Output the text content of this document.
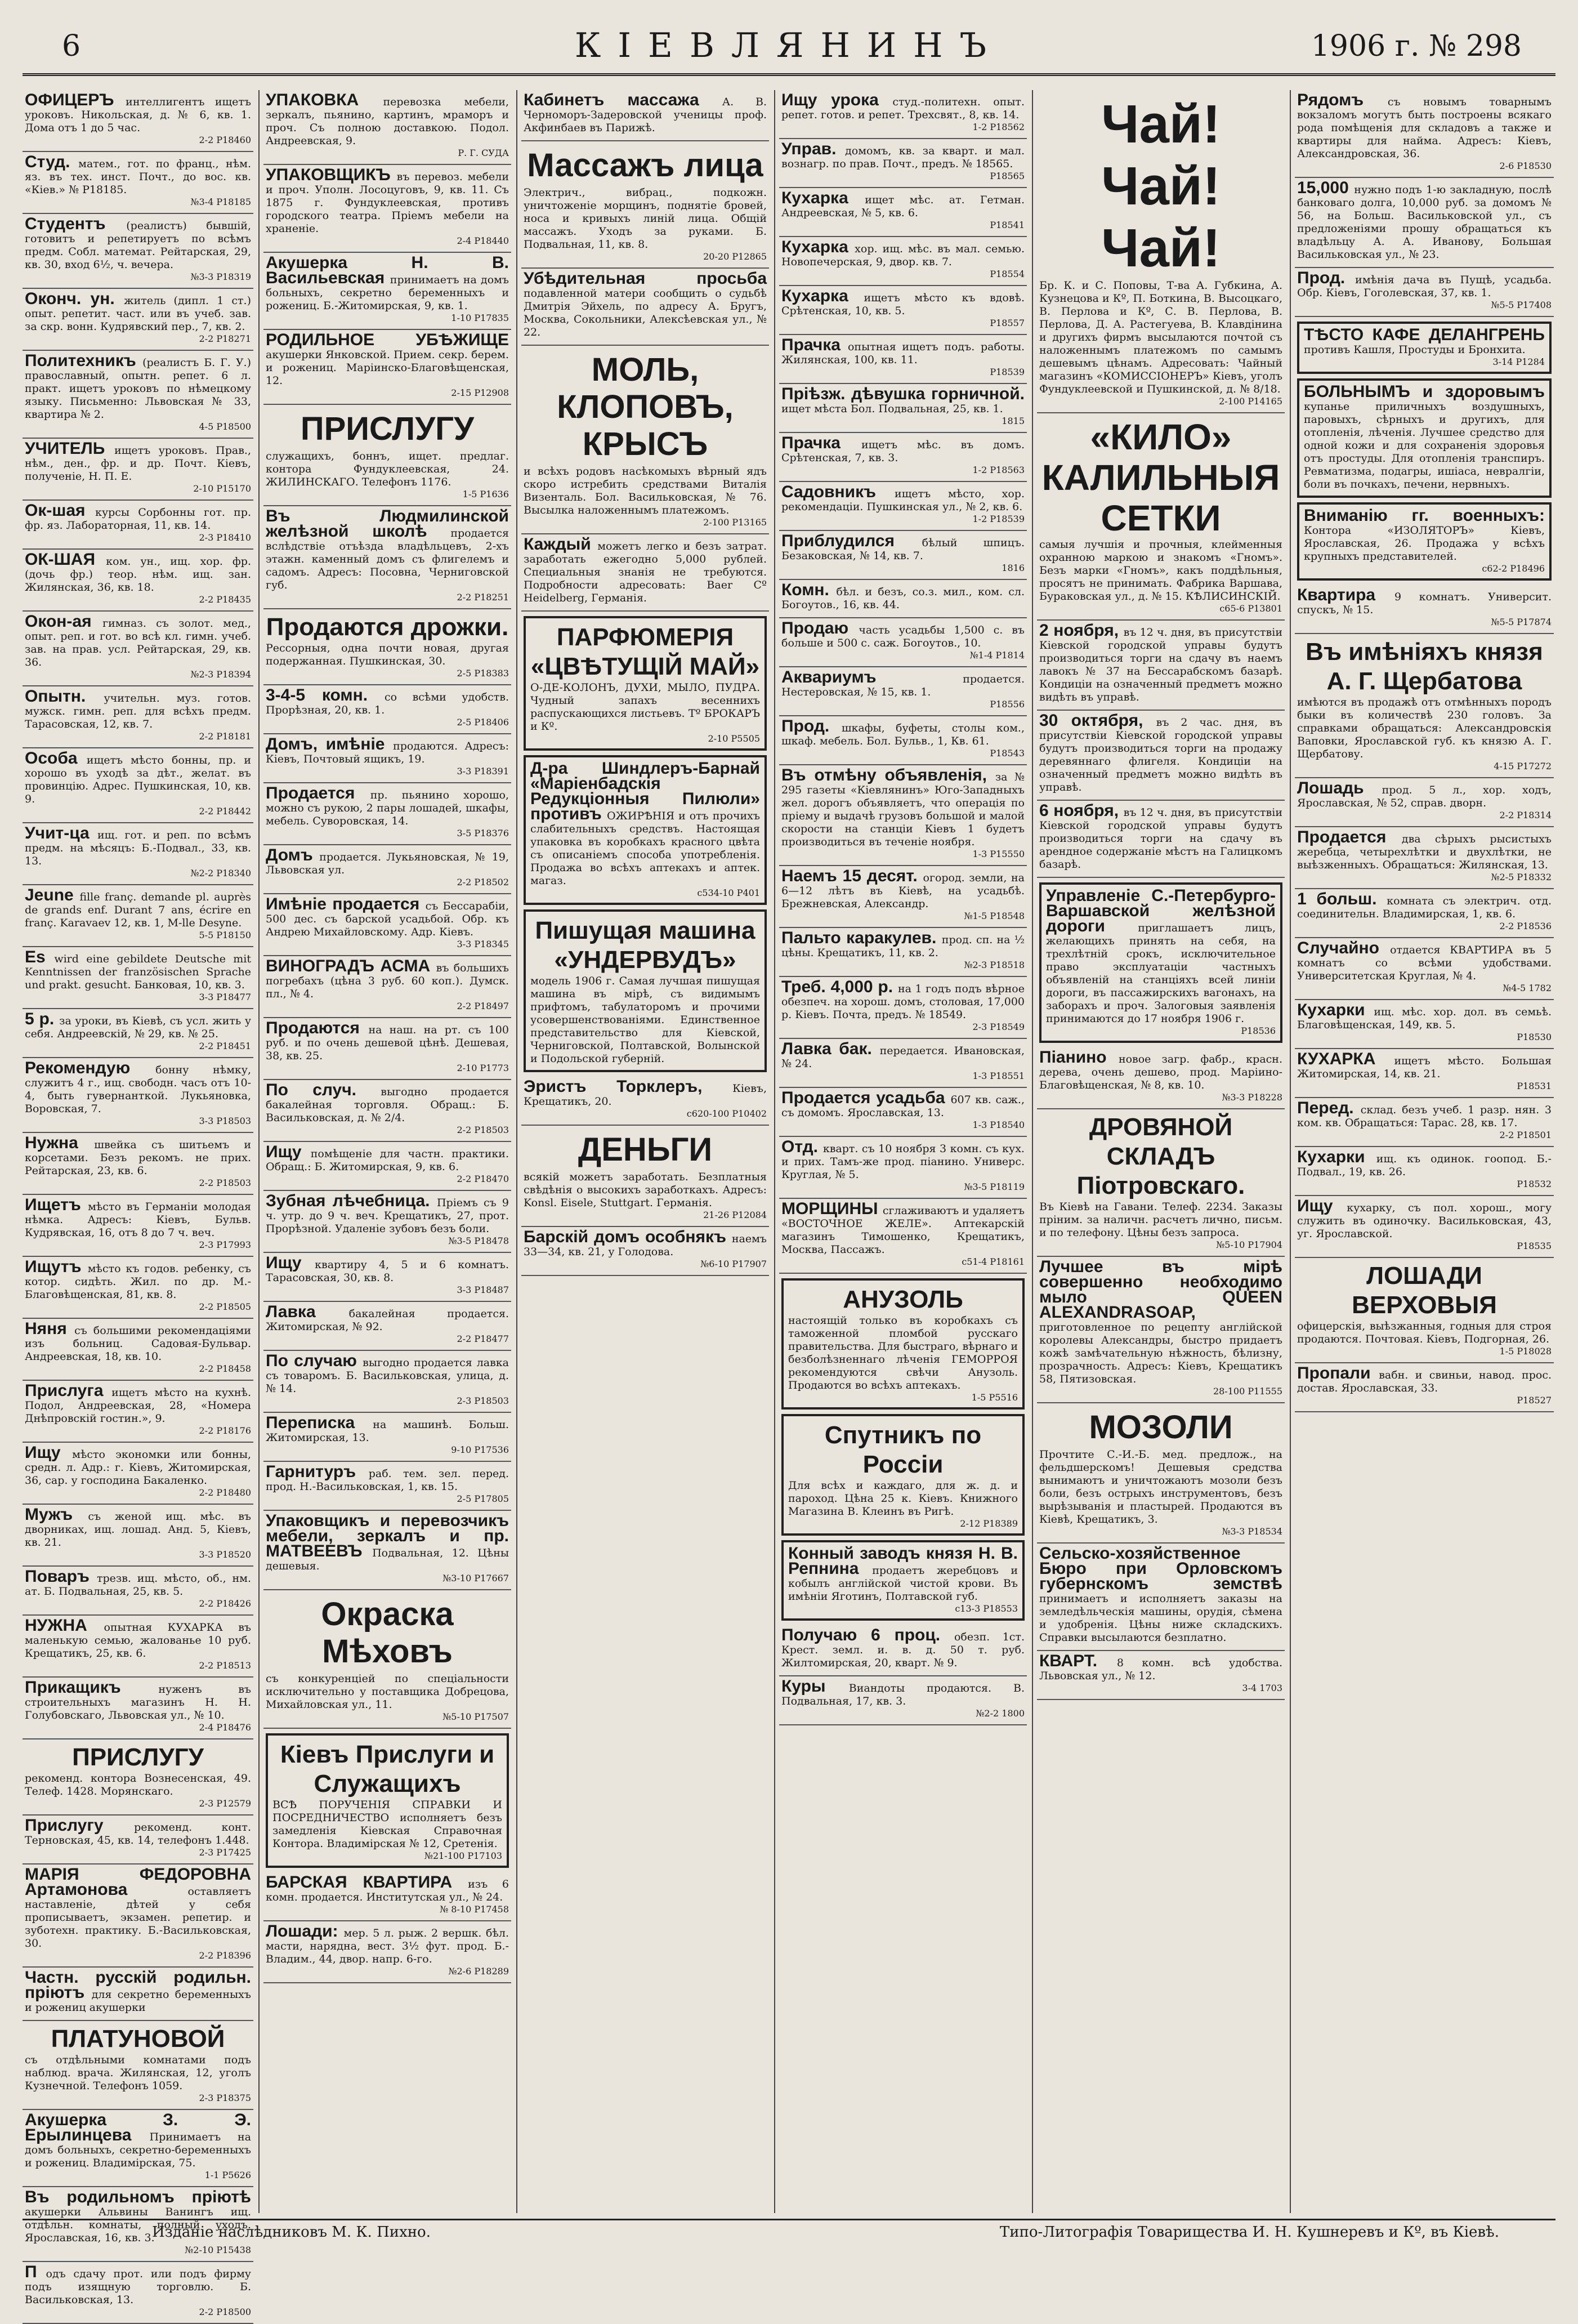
6	КІЕВЛЯНИНЪ	1906 г. № 298

ОФИЦЕРЪ интеллигентъ ищетъ уроковъ. Никольская, д. № 6, кв. 1. Дома отъ 1 до 5 час.

2-2 Р18460

Студ. матем., гот. по франц., нѣм. яз. въ тех. инст. Почт., до вос. кв. «Кіев.» № Р18185.

№3-4 Р18185

Студентъ (реалистъ) бывшій, готовитъ и репетируетъ по всѣмъ предм. Собл. математ. Рейтарская, 29, кв. 30, вход 6½, ч. вечера.

№3-3 Р18319

Оконч. ун. житель (дипл. 1 ст.) опыт. репетит. част. или въ учеб. зав. за скр. вонн. Кудрявский пер., 7, кв. 2.

2-2 Р18271

Политехникъ (реалистъ Б. Г. У.) православный, опытн. репет. 6 л. практ. ищетъ уроковъ по нѣмецкому языку. Письменно: Львовская № 33, квартира № 2.

4-5 Р18500

УЧИТЕЛЬ ищетъ уроковъ. Прав., нѣм., ден., фр. и др. Почт. Кіевъ, полученіе, Н. П. Е.

2-10 Р15170

Ок-шая курсы Сорбонны гот. пр. фр. яз. Лабораторная, 11, кв. 14.

2-3 Р18410

ОК-ШАЯ ком. ун., ищ. хор. фр. (дочь фр.) теор. нѣм. ищ. зан. Жилянская, 36, кв. 18.

2-2 Р18435

Окон-ая гимназ. съ золот. мед., опыт. реп. и гот. во всѣ кл. гимн. учеб. зав. на прав. усл. Рейтарская, 29, кв. 36.

№2-3 Р18394

Опытн. учительн. муз. готов. мужск. гимн. реп. для всѣхъ предм. Тарасовская, 12, кв. 7.

2-2 Р18181

Особа ищетъ мѣсто бонны, пр. и хорошо въ уходѣ за дѣт., желат. въ провинцію. Адрес. Пушкинская, 10, кв. 9.

2-2 Р18442

Учит-ца ищ. гот. и реп. по всѣмъ предм. на мѣсяцъ: Б.-Подвал., 33, кв. 13.

№2-2 Р18340

Jeune fille franç. demande pl. auprès de grands enf. Durant 7 ans, écrire en franç. Karavaev 12, кв. 1, M-lle Desyne.

5-5 Р18150

Es wird eine gebildete Deutsche mit Kenntnissen der französischen Sprache und prakt. gesucht. Банковая, 10, кв. 3.

3-3 Р18477

5 р. за уроки, въ Кіевѣ, съ усл. жить у себя. Андреевскій, № 29, кв. № 25.

2-2 Р18451

Рекомендую бонну нѣмку, служитъ 4 г., ищ. свободн. часъ отъ 10-4, быть гувернанткой. Лукьяновка, Воровская, 7.

3-3 Р18503

Нужна швейка съ шитьемъ и корсетами. Безъ рекомъ. не прих. Рейтарская, 23, кв. 6.

2-2 Р18503

Ищетъ мѣсто въ Германіи молодая нѣмка. Адресъ: Кіевъ, Бульв. Кудрявская, 16, отъ 8 до 7 ч. веч.

2-3 Р17993

Ищутъ мѣсто къ годов. ребенку, съ котор. сидѣть. Жил. по др. М.-Благовѣщенская, 81, кв. 8.

2-2 Р18505

Няня съ большими рекомендаціями изъ больниц. Садовая-Бульвар. Андреевская, 18, кв. 10.

2-2 Р18458

Прислуга ищетъ мѣсто на кухнѣ. Подол, Андреевская, 28, «Номера Днѣпровскій гостин.», 9.

2-2 Р18176

Ищу мѣсто экономки или бонны, средн. л. Адр.: г. Кіевъ, Житомирская, 36, сар. у господина Бакаленко.

2-2 Р18480

Мужъ съ женой ищ. мѣс. въ дворниках, ищ. лошад. Анд. 5, Кіевъ, кв. 21.

3-3 Р18520

Поваръ трезв. ищ. мѣсто, об., нм. ат. Б. Подвальная, 25, кв. 5.

2-2 Р18426

НУЖНА опытная КУХАРКА въ маленькую семью, жалованье 10 руб. Крещатикъ, 25, кв. 6.

2-2 Р18513

Прикащикъ нуженъ въ строительныхъ магазинъ Н. Н. Голубовскаго, Львовская ул., № 10.

2-4 Р18476
ПРИСЛУГУ

рекоменд. контора Вознесенская, 49. Телеф. 1428. Морянскаго.

2-3 Р12579

Прислугу рекоменд. конт. Терновская, 45, кв. 14, телефонъ 1.448.

2-3 Р17425

МАРІЯ ФЕДОРОВНА Артамонова оставляетъ наставленіе, дѣтей у себя прописываетъ, экзамен. репетир. и зуботехн. практику. Б.-Васильковская, 30.

2-2 Р18396

Частн. русскій родильн. пріютъ для секретно беременныхъ и рожениц акушерки

ПЛАТУНОВОЙ

съ отдѣльными комнатами подъ наблюд. врача. Жилянская, 12, уголъ Кузнечной. Телефонъ 1059.

2-3 Р18375

Акушерка З. Э. Ерылинцева Принимаетъ на домъ больныхъ, секретно-беременныхъ и рожениц. Владимірская, 75.

1-1 Р5626

Въ родильномъ пріютѣ акушерки Альвины Ванингъ ищ. отдѣльн. комнаты, полный уходъ. Ярославская, 16, кв. 3.

№2-10 Р15438

П одъ сдачу прот. или подъ фирму подъ изящную торговлю. Б. Васильковская, 13.

2-2 Р18500

УПАКОВКА перевозка мебели, зеркалъ, пьянино, картинъ, мраморъ и проч. Съ полною доставкою. Подол. Андреевская, 9.

Р. Г. СУДА

УПАКОВЩИКЪ въ перевоз. мебели и проч. Уполн. Лосоцуговъ, 9, кв. 11. Съ 1875 г. Фундуклеевская, противъ городского театра. Пріемъ мебели на храненіе.

2-4 Р18440

Акушерка Н. В. Васильевская принимаетъ на домъ больныхъ, секретно беременныхъ и рожениц. Б.-Житомирская, 9, кв. 1.

1-10 Р17835

РОДИЛЬНОЕ УБѢЖИЩЕ акушерки Янковской. Прием. секр. берем. и рожениц. Маріинско-Благовѣщенская, 12.

2-15 Р12908
ПРИСЛУГУ

служащихъ, боннъ, ищет. предлаг. контора Фундуклеевская, 24. ЖИЛИНСКАГО. Телефонъ 1176.

1-5 Р1636

Въ Людмилинской желѣзной школѣ продается вслѣдствіе отъѣзда владѣльцевъ, 2-хъ этажн. каменный домъ съ флигелемъ и садомъ. Адресъ: Посовна, Черниговской губ.

2-2 Р18251
Продаются дрожки.

Рессорныя, одна почти новая, другая подержанная. Пушкинская, 30.

2-5 Р18383

3-4-5 комн. со всѣми удобств. Прорѣзная, 20, кв. 1.

2-5 Р18406

Домъ, имѣніе продаются. Адресъ: Кіевъ, Почтовый ящикъ, 19.

3-3 Р18391

Продается пр. пьянино хорошо, можно съ рукою, 2 пары лошадей, шкафы, мебель. Суворовская, 14.

3-5 Р18376

Домъ продается. Лукьяновская, № 19, Львовская ул.

2-2 Р18502

Имѣніе продается съ Бессарабіи, 500 дес. съ барской усадьбой. Обр. къ Андрею Михайловскому. Адр. Кіевъ.

3-3 Р18345

ВИНОГРАДЪ АСМА въ большихъ погребахъ (цѣна 3 руб. 60 коп.). Думск. пл., № 4.

2-2 Р18497

Продаются на наш. на рт. съ 100 руб. и по очень дешевой цѣнѣ. Дешевая, 38, кв. 25.

2-10 Р1773

По случ. выгодно продается бакалейная торговля. Обращ.: Б. Васильковская, д. № 2/4.

2-2 Р18503

Ищу помѣщеніе для частн. практики. Обращ.: Б. Житомирская, 9, кв. 6.

2-2 Р18470

Зубная лѣчебница. Пріемъ съ 9 ч. утр. до 9 ч. веч. Крещатикъ, 27, прот. Прорѣзной. Удаленіе зубовъ безъ боли.

№3-5 Р18478

Ищу квартиру 4, 5 и 6 комнатъ. Тарасовская, 30, кв. 8.

3-3 Р18487

Лавка бакалейная продается. Житомирская, № 92.

2-2 Р18477

По случаю выгодно продается лавка съ товаромъ. Б. Васильковская, улица, д. № 14.

2-3 Р18503

Переписка на машинѣ. Больш. Житомирская, 13.

9-10 Р17536

Гарнитуръ раб. тем. зел. перед. прод. Н.-Васильковская, 1, кв. 15.

2-5 Р17805

Упаковщикъ и перевозчикъ мебели, зеркалъ и пр. МАТВЕЕВЪ Подвальная, 12. Цѣны дешевыя.

№3-10 Р17667
Окраска Мѣховъ

съ конкуренціей по спеціальности исключительно у поставщика Добрецова, Михайловская ул., 11.

№5-10 Р17507
Кіевъ Прислуги и Служащихъ

ВСѢ ПОРУЧЕНІЯ СПРАВКИ И ПОСРЕДНИЧЕСТВО исполняетъ безъ замедленія Кіевская Справочная Контора. Владимірская № 12, Сретенія.

№21-100 Р17103

БАРСКАЯ КВАРТИРА изъ 6 комн. продается. Институтская ул., № 24.

№ 8-10 Р17458

Лошади: мер. 5 л. рыж. 2 вершк. бѣл. масти, нарядна, вест. 3½ фут. прод. Б.-Владим., 44, двор. напр. 6-го.

№2-6 Р18289

Кабинетъ массажа А. В. Черноморъ-Задеровской ученицы проф. Акфинбаев въ Парижѣ.

Массажъ лица

Электрич., вибрац., подкожн. уничтоженіе морщинъ, поднятіе бровей, носа и кривыхъ линій лица. Общій массажъ. Уходъ за руками. Б. Подвальная, 11, кв. 8.

20-20 Р12865

Убѣдительная просьба подавленной матери сообщить о судьбѣ Дмитрія Эйхель, по адресу А. Бругъ, Москва, Сокольники, Алексѣевская ул., № 22.

МОЛЬ, КЛОПОВЪ, КРЫСЪ

и всѣхъ родовъ насѣкомыхъ вѣрный ядъ скоро истребить средствами Виталія Визенталь. Бол. Васильковская, № 76. Высылка наложеннымъ платежомъ.

2-100 Р13165

Каждый можетъ легко и безъ затрат. заработать ежегодно 5,000 рублей. Специальныя знанія не требуются. Подробности адресовать: Baer Cº Heidelberg, Германія.

ПАРФЮМЕРІЯ «ЦВѢТУЩІЙ МАЙ»

О-ДЕ-КОЛОНЪ, ДУХИ, МЫЛО, ПУДРА. Чудный запахъ весеннихъ распускающихся листьевъ. Тº БРОКАРЪ и Кº.

2-10 Р5505

Д-ра Шиндлеръ-Барнай «Маріенбадскія Редукціонныя Пилюли» противъ ОЖИРѢНІЯ и отъ прочихъ слабительныхъ средствъ. Настоящая упаковка въ коробкахъ красного цвѣта съ описаніемъ способа употребленія. Продажа во всѣхъ аптекахъ и аптек. магаз.

с534-10 Р401
Пишущая машина «УНДЕРВУДЪ»

модель 1906 г. Самая лучшая пишущая машина въ мірѣ, съ видимымъ прифтомъ, табулаторомъ и прочими усовершенствованіями. Единственное представительство для Кіевской, Черниговской, Полтавской, Волынской и Подольской губерній.

Эристъ Торклеръ, Кіевъ, Крещатикъ, 20.

с620-100 Р10402
ДЕНЬГИ

всякій можетъ заработать. Безплатныя свѣдѣнія о высокихъ заработкахъ. Адресъ: Konsl. Eisele, Stuttgart. Германія.

21-26 Р12084

Барскій домъ особнякъ наемъ 33—34, кв. 21, у Голодова.

№6-10 Р17907

Ищу урока студ.-политехн. опыт. репет. готов. и репет. Трехсвят., 8, кв. 14.

1-2 Р18562

Управ. домомъ, кв. за кварт. и мал. вознагр. по прав. Почт., предъ. № 18565.

Р18565

Кухарка ищет мѣс. ат. Гетман. Андреевская, № 5, кв. 6.

Р18541

Кухарка хор. ищ. мѣс. въ мал. семью. Новопечерская, 9, двор. кв. 7.

Р18554

Кухарка ищетъ мѣсто къ вдовѣ. Срѣтенская, 10, кв. 5.

Р18557

Прачка опытная ищетъ подъ. работы. Жилянская, 100, кв. 11.

Р18539

Пріѣзж. дѣвушка горничной. ищет мѣста Бол. Подвальная, 25, кв. 1.

1815

Прачка ищетъ мѣс. въ домъ. Срѣтенская, 7, кв. 3.

1-2 Р18563

Садовникъ ищетъ мѣсто, хор. рекомендаціи. Пушкинская ул., № 2, кв. 6.

1-2 Р18539

Приблудился бѣлый шпицъ. Безаковская, № 14, кв. 7.

1816

Комн. бѣл. и безъ, со.з. мил., ком. сл. Богоутов., 16, кв. 44.

Продаю часть усадьбы 1,500 с. въ больше и 500 с. саж. Богоутов., 10.

№1-4 Р1814

Аквариумъ продается. Нестеровская, № 15, кв. 1.

Р18556

Прод. шкафы, буфеты, столы ком., шкаф. мебель. Бол. Бульв., 1, Кв. 61.

Р18543

Въ отмѣну объявленія, за № 295 газеты «Кіевлянинъ» Юго-Западныхъ жел. дорогъ объявляетъ, что операція по пріему и выдачѣ грузовъ большой и малой скорости на станціи Кіевъ 1 будетъ производиться въ теченіе ноября.

1-3 Р15550

Наемъ 15 десят. огород. земли, на 6—12 лѣтъ въ Кіевѣ, на усадьбѣ. Брежневская, Александр.

№1-5 Р18548

Пальто каракулев. прод. сп. на ½ цѣны. Крещатикъ, 11, кв. 2.

№2-3 Р18518

Треб. 4,000 р. на 1 годъ подъ вѣрное обезпеч. на хорош. домъ, столовая, 17,000 р. Кіевъ. Почта, предъ. № 18549.

2-3 Р18549

Лавка бак. передается. Ивановская, № 24.

1-3 Р18551

Продается усадьба 607 кв. саж., съ домомъ. Ярославская, 13.

1-3 Р18540

Отд. кварт. съ 10 ноября 3 комн. съ кух. и прих. Тамъ-же прод. піанино. Универс. Круглая, № 5.

№3-5 Р18119

МОРЩИНЫ сглаживаютъ и удаляетъ «ВОСТОЧНОЕ ЖЕЛЕ». Аптекарскій магазинъ Тимошенко, Крещатикъ, Москва, Пассажъ.

с51-4 Р18161
АНУЗОЛЬ

настоящій только въ коробкахъ съ таможенной пломбой русскаго правительства. Для быстраго, вѣрнаго и безболѣзненнаго лѣченія ГЕМОРРОЯ рекомендуются свѣчи Анузоль. Продаются во всѣхъ аптекахъ.

1-5 Р5516
Спутникъ по Россіи

Для всѣх и каждаго, для ж. д. и пароход. Цѣна 25 к. Кіевъ. Книжного Магазина В. Клеинъ въ Ригѣ.

2-12 Р18389

Конный заводъ князя Н. В. Репнина продаетъ жеребцовъ и кобылъ англійской чистой крови. Въ имѣніи Яготинъ, Полтавской губ.

с13-3 Р18553

Получаю 6 проц. обезп. 1ст. Крест. земл. и. в. д. 50 т. руб. Жилтомирская, 20, кварт. № 9.

Куры Виандоты продаются. В. Подвальная, 17, кв. 3.

№2-2 1800
Чай! Чай! Чай!

Бр. К. и С. Поповы, Т-ва А. Губкина, А. Кузнецова и Кº, П. Боткина, В. Высоцкаго, В. Перлова и Кº, С. В. Перлова, В. Перлова, Д. А. Растегуева, В. Клавдінина и другихъ фирмъ высылаются почтой съ наложеннымъ платежомъ по самымъ дешевымъ цѣнамъ. Адресовать: Чайный магазинъ «КОМИССІОНЕРЪ» Кіевъ, уголъ Фундуклеевской и Пушкинской, д. № 8/18.

2-100 Р14165
«КИЛО» КАЛИЛЬНЫЯ СЕТКИ

самыя лучшія и прочныя, клейменныя охранною маркою и знакомъ «Гномъ». Безъ марки «Гномъ», какъ поддѣльныя, просятъ не принимать. Фабрика Варшава, Бураковская ул., д. № 15. КѢЛИСИНСКІЙ.

с65-6 Р13801

2 ноября, въ 12 ч. дня, въ присутствіи Кіевской городской управы будутъ производиться торги на сдачу въ наемъ лавокъ № 37 на Бессарабскомъ базарѣ. Кондиціи на означенный предметъ можно видѣть въ управѣ.

30 октября, въ 2 час. дня, въ присутствіи Кіевской городской управы будутъ производиться торги на продажу деревяннаго флигеля. Кондиціи на означенный предметъ можно видѣть въ управѣ.

6 ноября, въ 12 ч. дня, въ присутствіи Кіевской городской управы будутъ производиться торги на сдачу въ арендное содержаніе мѣстъ на Галицкомъ базарѣ.

Управленіе С.-Петербурго-Варшавской желѣзной дороги приглашаетъ лицъ, желающихъ принять на себя, на трехлѣтній срокъ, исключительное право эксплуатаціи частныхъ объявленій на станціяхъ всей линіи дороги, въ пассажирскихъ вагонахъ, на заборахъ и проч. Залоговыя заявленія принимаются до 17 ноября 1906 г.

Р18536

Піанино новое загр. фабр., красн. дерева, очень дешево, прод. Маріино-Благовѣщенская, № 8, кв. 10.

№3-3 Р18228
ДРОВЯНОЙ СКЛАДЪ Піотровскаго.

Въ Кіевѣ на Гавани. Телеф. 2234. Заказы пріним. за наличн. расчетъ лично, письм. и по телефону. Цѣны безъ запроса.

№5-10 Р17904

Лучшее въ мірѣ совершенно необходимо мыло QUEEN ALEXANDRASOAP, приготовленное по рецепту англійской королевы Александры, быстро придаетъ кожѣ замѣчательную нѣжность, бѣлизну, прозрачность. Адресъ: Кіевъ, Крещатикъ 58, Пятизовская.

28-100 Р11555
МОЗОЛИ

Прочтите С.-И.-Б. мед. предлож., на фельдшерскомъ! Дешевыя средства вынимаютъ и уничтожаютъ мозоли безъ боли, безъ острыхъ инструментовъ, безъ вырѣзыванія и пластырей. Продаются въ Кіевѣ, Крещатикъ, 3.

№3-3 Р18534

Сельско-хозяйственное Бюро при Орловскомъ губернскомъ земствѣ принимаетъ и исполняетъ заказы на земледѣльческія машины, орудія, сѣмена и удобренія. Цѣны ниже складскихъ. Справки высылаются безплатно.

КВАРТ. 8 комн. всѣ удобства. Львовская ул., № 12.

3-4 1703

Рядомъ съ новымъ товарнымъ вокзаломъ могутъ быть построены всякаго рода помѣщенія для складовъ а также и квартиры для найма. Адресъ: Кіевъ, Александровская, 36.

2-6 Р18530

15,000 нужно подъ 1-ю закладную, послѣ банковаго долга, 10,000 руб. за домомъ № 56, на Больш. Васильковской ул., съ предложеніями прошу обращаться къ владѣльцу А. А. Иванову, Большая Васильковская ул., № 23.

Прод. имѣнія дача въ Пущѣ, усадьба. Обр. Кіевъ, Гоголевская, 37, кв. 1.

№5-5 Р17408

ТѢСТО КАФЕ ДЕЛАНГРЕНЬ противъ Кашля, Простуды и Бронхита.

3-14 Р1284

БОЛЬНЫМЪ и здоровымъ купанье приличныхъ воздушныхъ, паровыхъ, сѣрныхъ и другихъ, для отопленія, лѣченія. Лучшее средство для одной кожи и для сохраненія здоровья отъ простуды. Для отопленія транспиръ. Ревматизма, подагры, ишіаса, невралгіи, боли въ почкахъ, печени, нервныхъ.

Вниманію гг. военныхъ: Контора «ИЗОЛЯТОРЪ» Кіевъ, Ярославская, 26. Продажа у всѣхъ крупныхъ представителей.

с62-2 Р18496

Квартира 9 комнатъ. Университ. спускъ, № 15.

№5-5 Р17874
Въ имѣніяхъ князя А. Г. Щербатова

имѣются въ продажѣ отъ отмѣнныхъ породъ быки въ количествѣ 230 головъ. За справками обращаться: Александровскія Ваповки, Ярославской губ. къ князю А. Г. Щербатову.

4-15 Р17272

Лошадь прод. 5 л., хор. ходъ, Ярославская, № 52, справ. дворн.

2-2 Р18314

Продается два сѣрыхъ рысистыхъ жеребца, четырехлѣтки и двухлѣтки, не выѣзженныхъ. Обращаться: Жилянская, 13.

№2-5 Р18332

1 больш. комната съ электрич. отд. соединительн. Владимирская, 1, кв. 6.

2-2 Р18536

Случайно отдается КВАРТИРА въ 5 комнатъ со всѣми удобствами. Университетская Круглая, № 4.

№4-5 1782

Кухарки ищ. мѣс. хор. дол. въ семьѣ. Благовѣщенская, 149, кв. 5.

Р18530

КУХАРКА ищетъ мѣсто. Большая Житомирская, 14, кв. 21.

Р18531

Перед. склад. безъ учеб. 1 разр. нян. 3 ком. кв. Обращаться: Тарас. 28, кв. 17.

2-2 Р18501

Кухарки ищ. къ одинок. гоопод. Б.-Подвал., 19, кв. 26.

Р18532

Ищу кухарку, съ пол. хорош., могу служить въ одиночку. Васильковская, 43, уг. Ярославской.

Р18535
ЛОШАДИ ВЕРХОВЫЯ

офицерскія, выѣзжанныя, годныя для строя продаются. Почтовая. Кіевъ, Подгорная, 26.

1-5 Р18028

Пропали вабн. и свиньи, навод. прос. достав. Ярославская, 33.

Р18527
Изданіе наслѣдниковъ М. К. Пихно.	Типо-Литографія Товарищества И. Н. Кушнеревъ и Кº, въ Кіевѣ.
